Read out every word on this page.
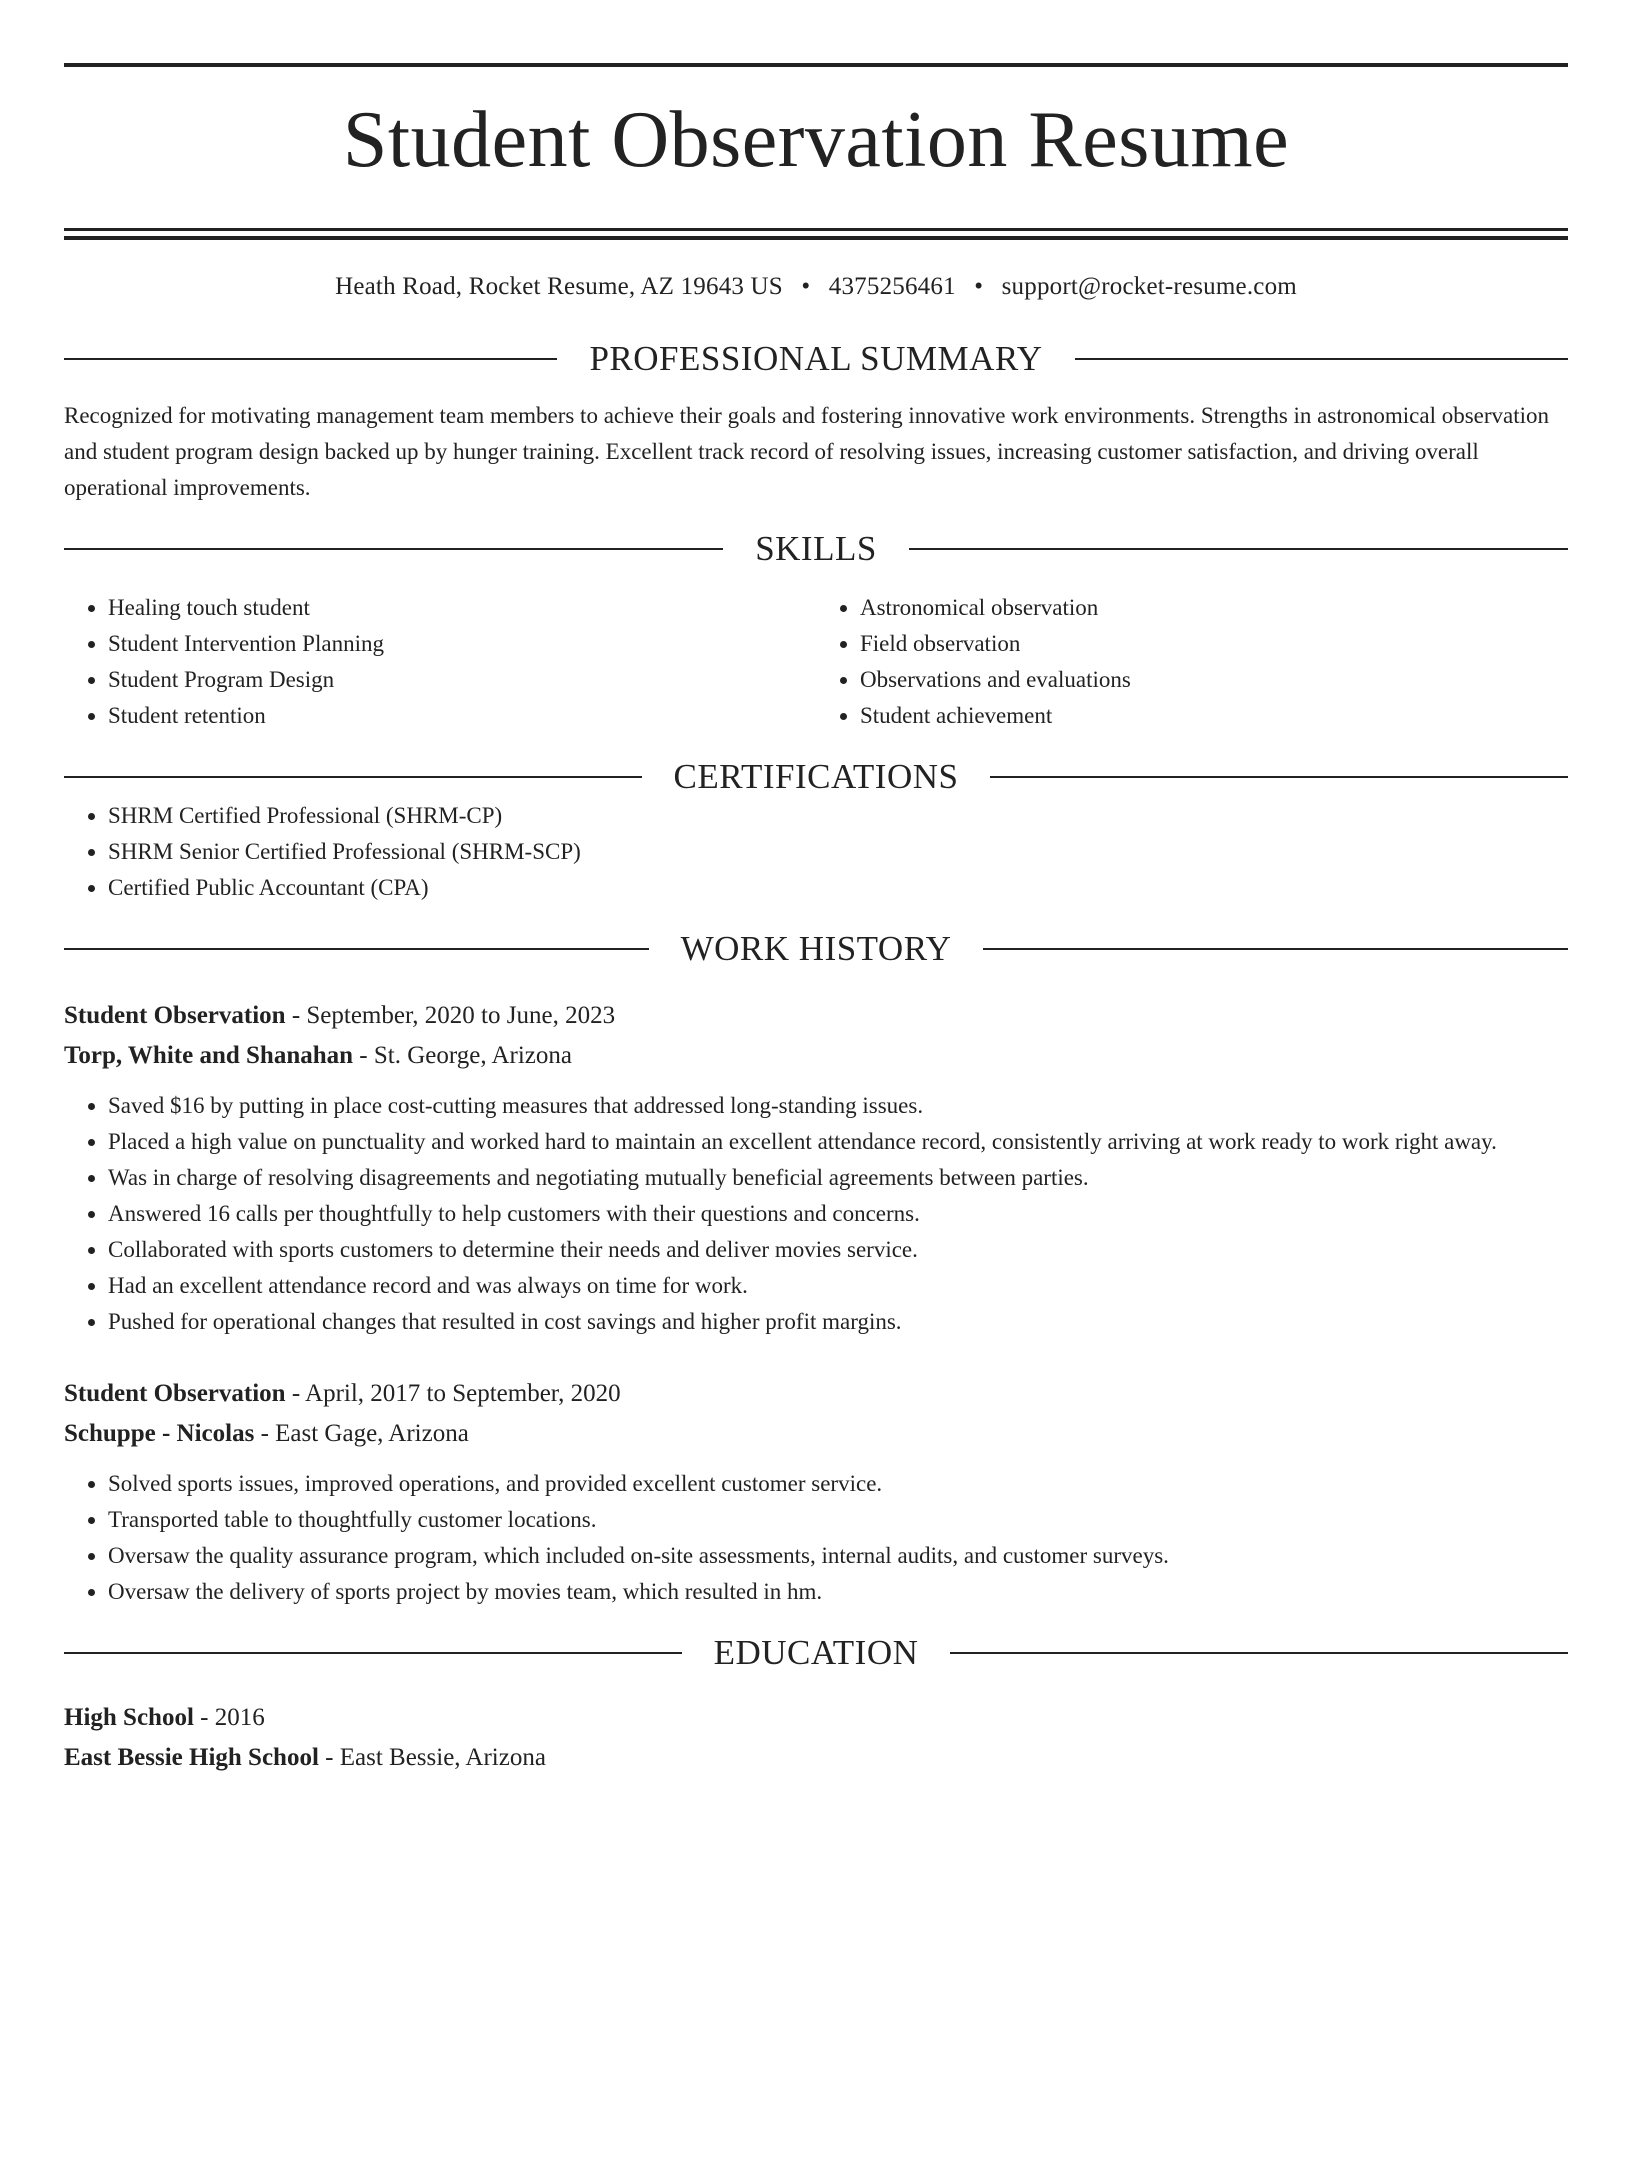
Student Observation Resume
Heath Road, Rocket Resume, AZ 19643 US • 4375256461 • support@rocket-resume.com
PROFESSIONAL SUMMARY
Recognized for motivating management team members to achieve their goals and fostering innovative work environments. Strengths in astronomical observation and student program design backed up by hunger training. Excellent track record of resolving issues, increasing customer satisfaction, and driving overall operational improvements.
SKILLS
• Healing touch student
• Student Intervention Planning
• Student Program Design
• Student retention
• Astronomical observation
• Field observation
• Observations and evaluations
• Student achievement
CERTIFICATIONS
• SHRM Certified Professional (SHRM-CP)
• SHRM Senior Certified Professional (SHRM-SCP)
• Certified Public Accountant (CPA)
WORK HISTORY
Student Observation - September, 2020 to June, 2023
Torp, White and Shanahan - St. George, Arizona
• Saved $16 by putting in place cost-cutting measures that addressed long-standing issues.
• Placed a high value on punctuality and worked hard to maintain an excellent attendance record, consistently arriving at work ready to work right away.
• Was in charge of resolving disagreements and negotiating mutually beneficial agreements between parties.
• Answered 16 calls per thoughtfully to help customers with their questions and concerns.
• Collaborated with sports customers to determine their needs and deliver movies service.
• Had an excellent attendance record and was always on time for work.
• Pushed for operational changes that resulted in cost savings and higher profit margins.
Student Observation - April, 2017 to September, 2020
Schuppe - Nicolas - East Gage, Arizona
• Solved sports issues, improved operations, and provided excellent customer service.
• Transported table to thoughtfully customer locations.
• Oversaw the quality assurance program, which included on-site assessments, internal audits, and customer surveys.
• Oversaw the delivery of sports project by movies team, which resulted in hm.
EDUCATION
High School - 2016
East Bessie High School - East Bessie, Arizona
